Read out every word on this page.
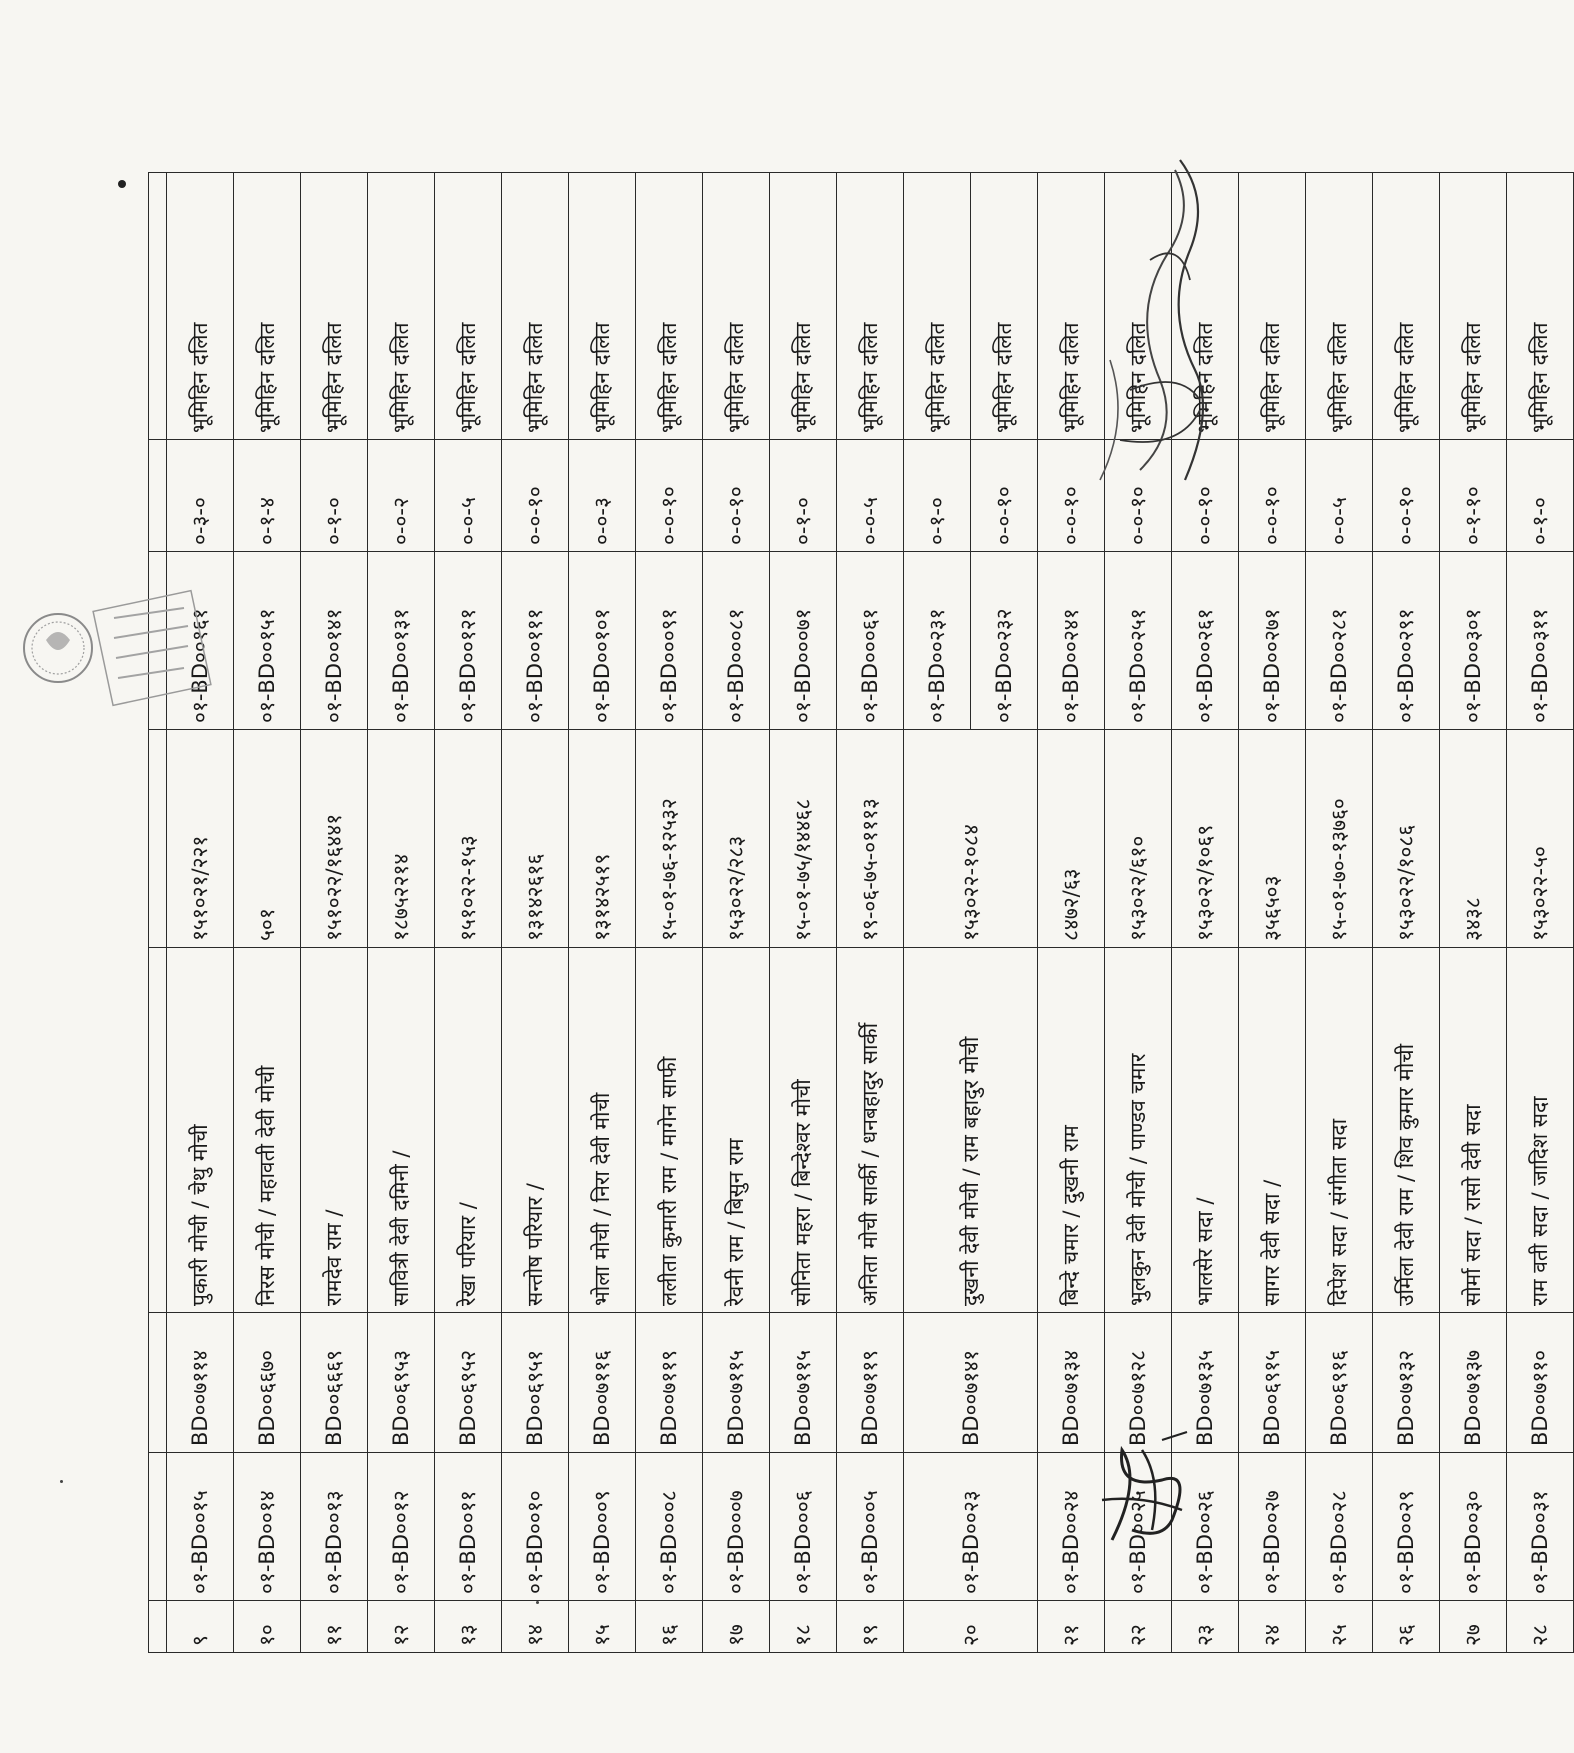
९	०१-BD००१५	BD००७११४	पुकारी मोची / चेथु मोची	१५१०२१/२२१	०१-BD००१६१	०-३-०	भूमिहिन दलित
१०	०१-BD००१४	BD००६६७०	निरस मोची / महावती देवी मोची	५०१	०१-BD००१५१	०-१-४	भूमिहिन दलित
११	०१-BD००१३	BD००६६६९	रामदेव राम /	१५१०२२/१६४४१	०१-BD००१४१	०-१-०	भूमिहिन दलित
१२	०१-BD००१२	BD००६९५३	सावित्री देवी दमिनी /	१८७५२२१४	०१-BD००१३१	०-०-२	भूमिहिन दलित
१३	०१-BD००११	BD००६९५२	रेखा परियार /	१५१०२२-१५३	०१-BD००१२१	०-०-५	भूमिहिन दलित
१४	०१-BD००१०	BD००६९५१	सन्तोष परियार /	१३१४२६१६	०१-BD००१११	०-०-१०	भूमिहिन दलित
१५	०१-BD०००९	BD००७११६	भोला मोची / निरा देवी मोची	१३१४२५१९	०१-BD००१०१	०-०-३	भूमिहिन दलित
१६	०१-BD०००८	BD००७११९	ललीता कुमारी राम / मागेन साफी	१५-०१-७६-१२५३२	०१-BD०००९१	०-०-१०	भूमिहिन दलित
१७	०१-BD०००७	BD००७११५	रेवनी राम / बिसुन राम	१५३०२२/२८३	०१-BD०००८१	०-०-१०	भूमिहिन दलित
१८	०१-BD०००६	BD००७११५	सोनिता महरा / बिन्देश्वर मोची	१५-०१-७५/१४४६८	०१-BD०००७१	०-१-०	भूमिहिन दलित
१९	०१-BD०००५	BD००७११९	अनिता मोची सार्की / धनबहादुर सार्की	१९-०६-७५-०१११३	०१-BD०००६१	०-०-५	भूमिहिन दलित
२०	०१-BD००२३	BD००७१४१	दुखनी देवी मोची / राम बहादुर मोची	१५३०२२-१०८४	०१-BD००२३१	०-१-०	भूमिहिन दलित
					०१-BD००२३२	०-०-१०	भूमिहिन दलित
२१	०१-BD००२४	BD००७१३४	बिन्दे चमार / दुखनी राम	८४७२/६३	०१-BD००२४१	०-०-१०	भूमिहिन दलित
२२	०१-BD००२५	BD००७१२८	भुलकुन देवी मोची / पाण्डव चमार	१५३०२२/६१०	०१-BD००२५१	०-०-१०	भूमिहिन दलित
२३	०१-BD००२६	BD००७१३५	भालसेर सदा /	१५३०२२/१०६९	०१-BD००२६१	०-०-१०	भूमिहिन दलित
२४	०१-BD००२७	BD००६९१५	सागर देवी सदा /	३५६५०३	०१-BD००२७१	०-०-१०	भूमिहिन दलित
२५	०१-BD००२८	BD००६९१६	दिपेश सदा / संगीता सदा	१५-०१-७०-१३७६०	०१-BD००२८१	०-०-५	भूमिहिन दलित
२६	०१-BD००२९	BD००७१३२	उर्मिला देवी राम / शिव कुमार मोची	१५३०२२/१०८६	०१-BD००२९१	०-०-१०	भूमिहिन दलित
२७	०१-BD००३०	BD००७१३७	सोर्मा सदा / रासो देवी सदा	३४३८	०१-BD००३०१	०-१-१०	भूमिहिन दलित
२८	०१-BD००३१	BD००७११०	राम वती सदा / जादिश सदा	१५३०२२-५०	०१-BD००३११	०-१-०	भूमिहिन दलित
